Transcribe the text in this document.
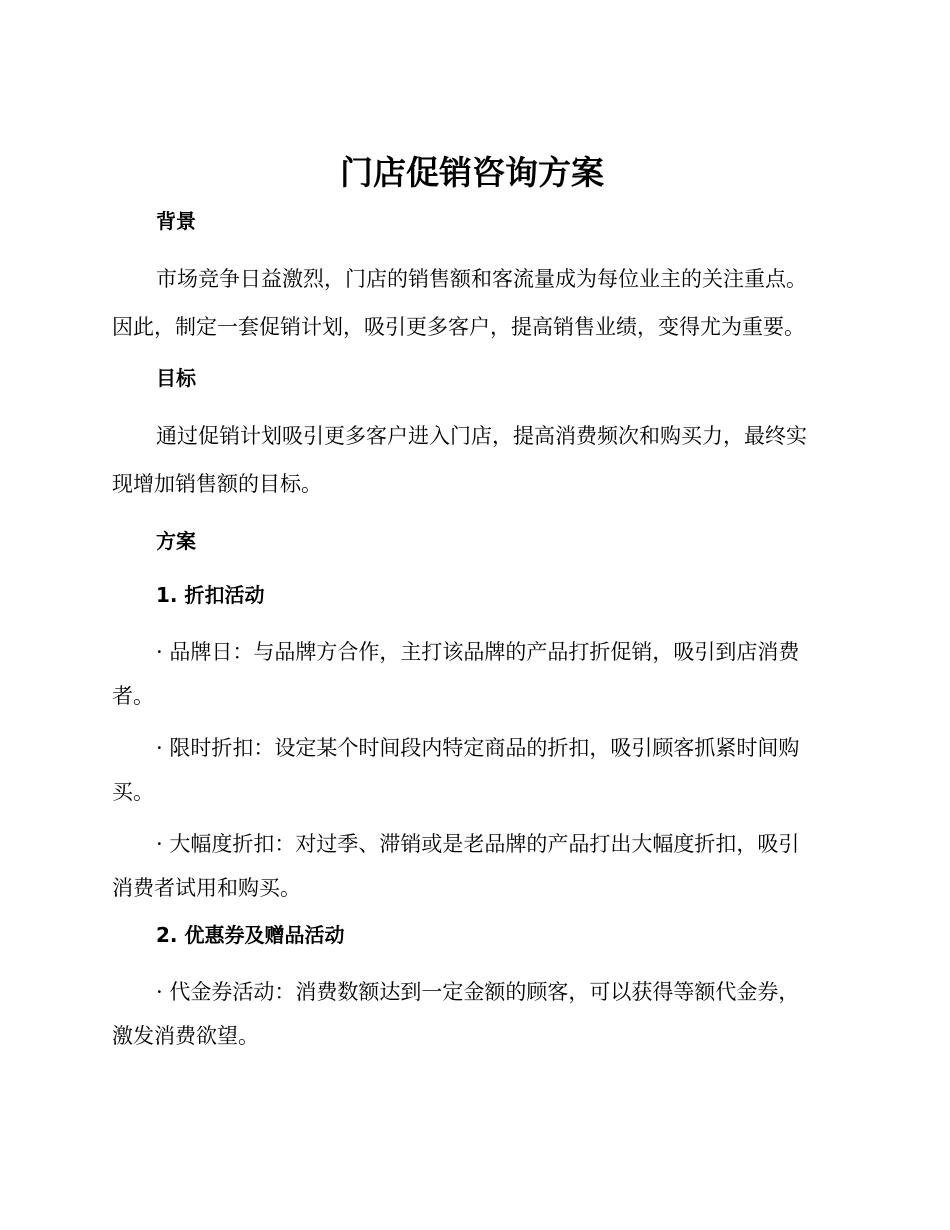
门店促销咨询方案
背景

市场竞争日益激烈，门店的销售额和客流量成为每位业主的关注重点。
因此，制定一套促销计划，吸引更多客户，提高销售业绩，变得尤为重要。

目标

通过促销计划吸引更多客户进入门店，提高消费频次和购买力，最终实
现增加销售额的目标。

方案
1. 折扣活动

· 品牌日：与品牌方合作，主打该品牌的产品打折促销，吸引到店消费
者。

· 限时折扣：设定某个时间段内特定商品的折扣，吸引顾客抓紧时间购
买。

· 大幅度折扣：对过季、滞销或是老品牌的产品打出大幅度折扣，吸引
消费者试用和购买。

2. 优惠券及赠品活动

· 代金券活动：消费数额达到一定金额的顾客，可以获得等额代金券，
激发消费欲望。
